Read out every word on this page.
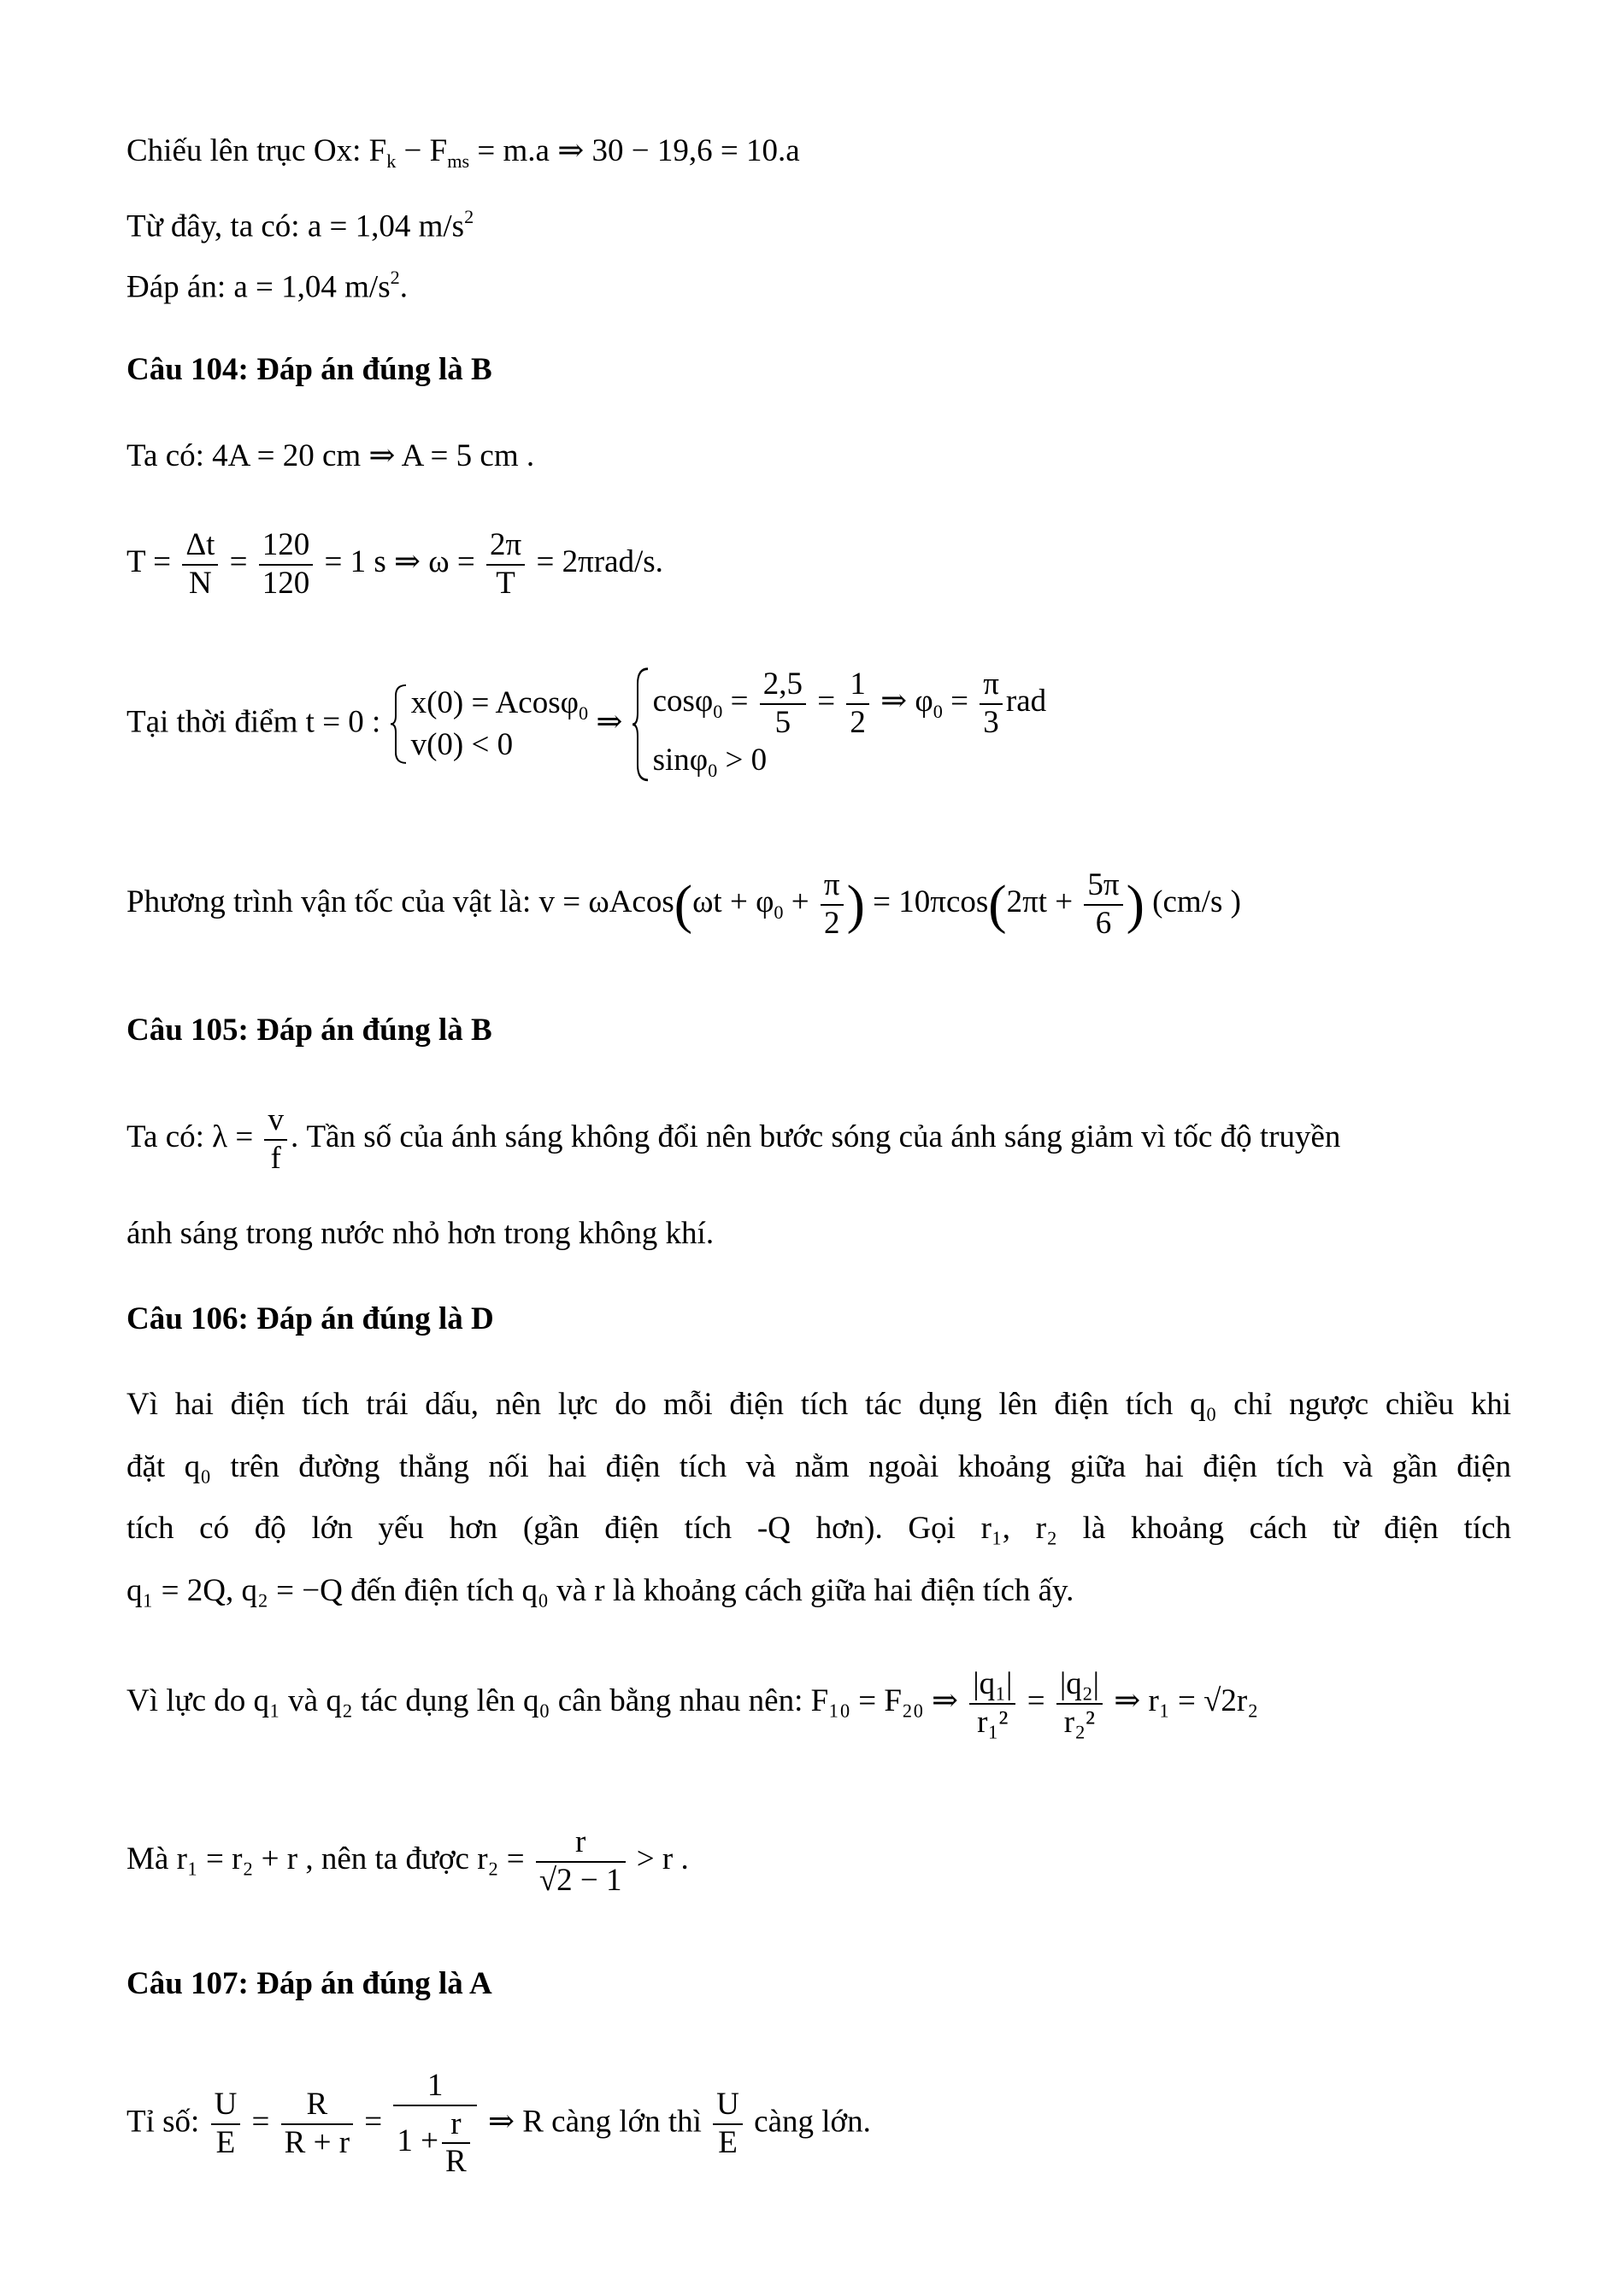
Chiếu lên trục Ox: $F_k - F_{ms} = m.a$ ⇒ 30 − 19,6 = 10.a
Từ đây, ta có: a = 1,04 $m/s^2$
Đáp án: a = 1,04 $m/s^2$.
Câu 104: Đáp án đúng là B
Ta có: 4A = 20 cm ⇒ A = 5 cm .
$T = \frac{\Delta t}{N} = \frac{120}{120} = 1$ s ⇒ $\omega = \frac{2\pi}{T} = 2\pi rad/s$.
Tại thời điểm t = 0 :
x(0) = Acosφ$_0$
v(0) < 0
⇒
$\cos\varphi_0 = \frac{2,5}{5} = \frac{1}{2}$ ⇒ $\varphi_0 = \frac{\pi}{3}$ rad
sinφ$_0$ > 0
Phương trình vận tốc của vật là: $v = \omega Acos(\omega t + \varphi_0 + \frac{\pi}{2}$ ) = $10\pi\cos(2\pi t + \frac{5\pi}{6}$ ) (cm/s )
Câu 105: Đáp án đúng là B
Ta có: $\lambda = \frac{v}{f}$ . Tần số của ánh sáng không đổi nên bước sóng của ánh sáng giảm vì tốc độ truyền
ánh sáng trong nước nhỏ hơn trong không khí.
Câu 106: Đáp án đúng là D
Vì hai điện tích trái dấu, nên lực do mỗi điện tích tác dụng lên điện tích q₀ chỉ ngược chiều khi
đặt q₀ trên đường thẳng nối hai điện tích và nằm ngoài khoảng giữa hai điện tích và gần điện
tích có độ lớn yếu hơn (gần điện tích -Q hơn). Gọi r₁, r₂ là khoảng cách từ điện tích
q₁ = 2Q, q₂ = −Q đến điện tích q₀ và r là khoảng cách giữa hai điện tích ấy.
Vì lực do q₁ và q₂ tác dụng lên q₀ cân bằng nhau nên: F₁₀ = F₂₀ ⇒ $\frac{\text{|q₁|}}{\text{r₁²}} = \frac{\text{|q₂|}}{\text{r₂²}}$ ⇒ r₁ = √2r₂
Mà r₁ = r₂ + r , nên ta được $r_2 = \frac{r}{√2 - 1} > r$ .
Câu 107: Đáp án đúng là A
Tỉ số: $\frac{U}{E} = \frac{R}{R + r} = \frac{1}{1 + \frac{r}{R}}$ ⇒ R càng lớn thì $\frac{U}{E}$ càng lớn.
